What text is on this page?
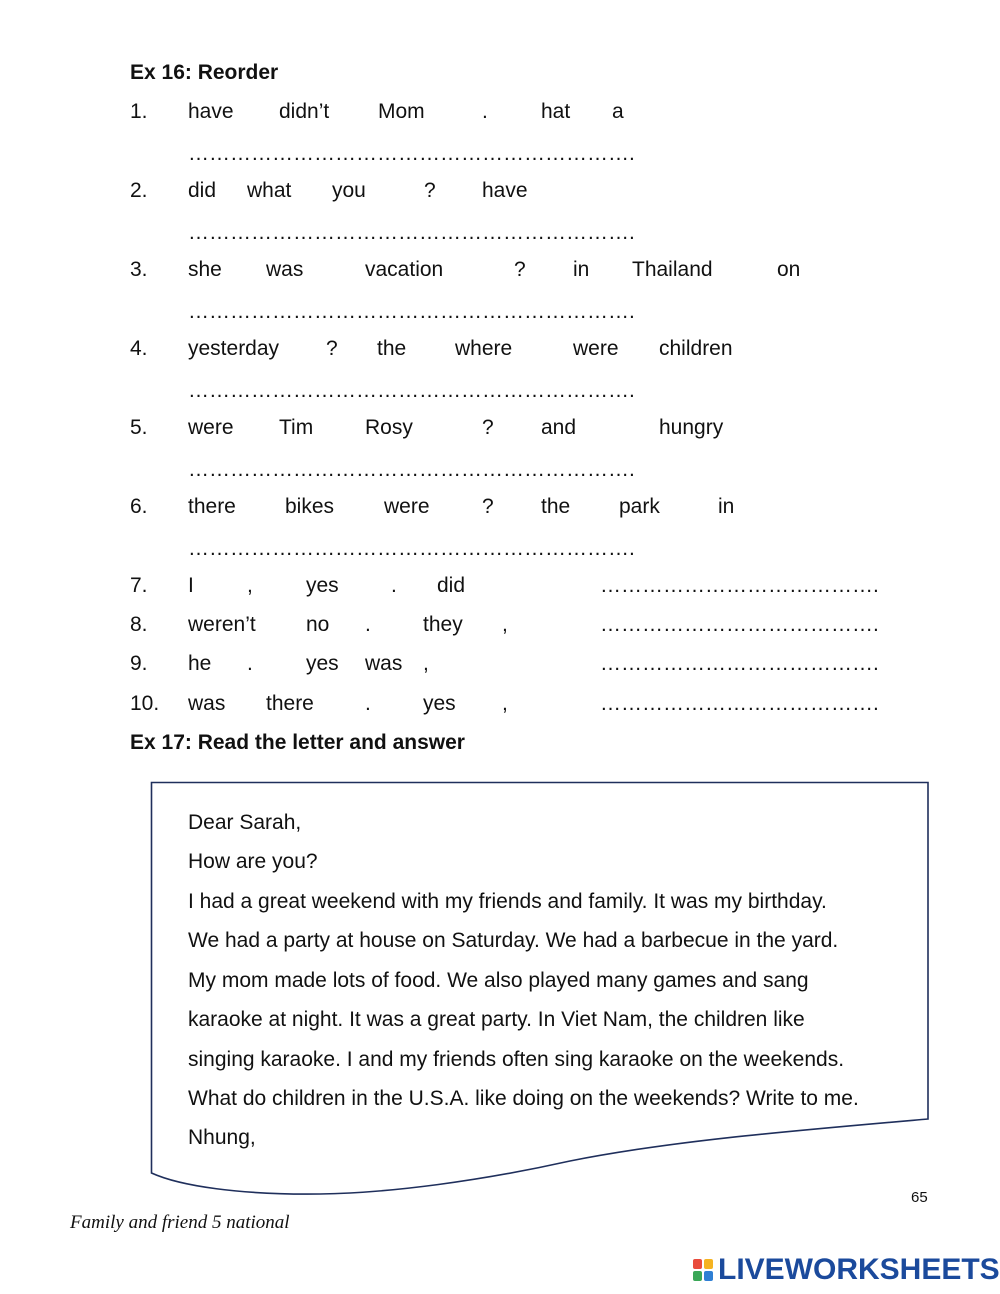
Ex 16: Reorder
1. have didn’t Mom	.	hat a
……………………………………………………….
2. did what you	? have
……………………………………………………….
3. she was	vacation	? in Thailand	on
……………………………………………………….
4. yesterday ? the where	were children
……………………………………………………….
5. were Tim Rosy	? and	hungry
……………………………………………………….
6. there bikes were ? the park	in
……………………………………………………….
7. I	,	yes . did	………………………………….
8. weren’t no . they ,	………………………………….
9. he .	yes was ,	………………………………….
10. was there . yes ,	………………………………….
Ex 17: Read the letter and answer
Dear Sarah,
How are you?
I had a great weekend with my friends and family. It was my birthday.
We had a party at house on Saturday. We had a barbecue in the yard.
My mom made lots of food. We also played many games and sang
karaoke at night. It was a great party. In Viet Nam, the children like
singing karaoke. I and my friends often sing karaoke on the weekends.
What do children in the U.S.A. like doing on the weekends? Write to me.
Nhung,
65
Family and friend 5 national
LIVEWORKSHEETS
